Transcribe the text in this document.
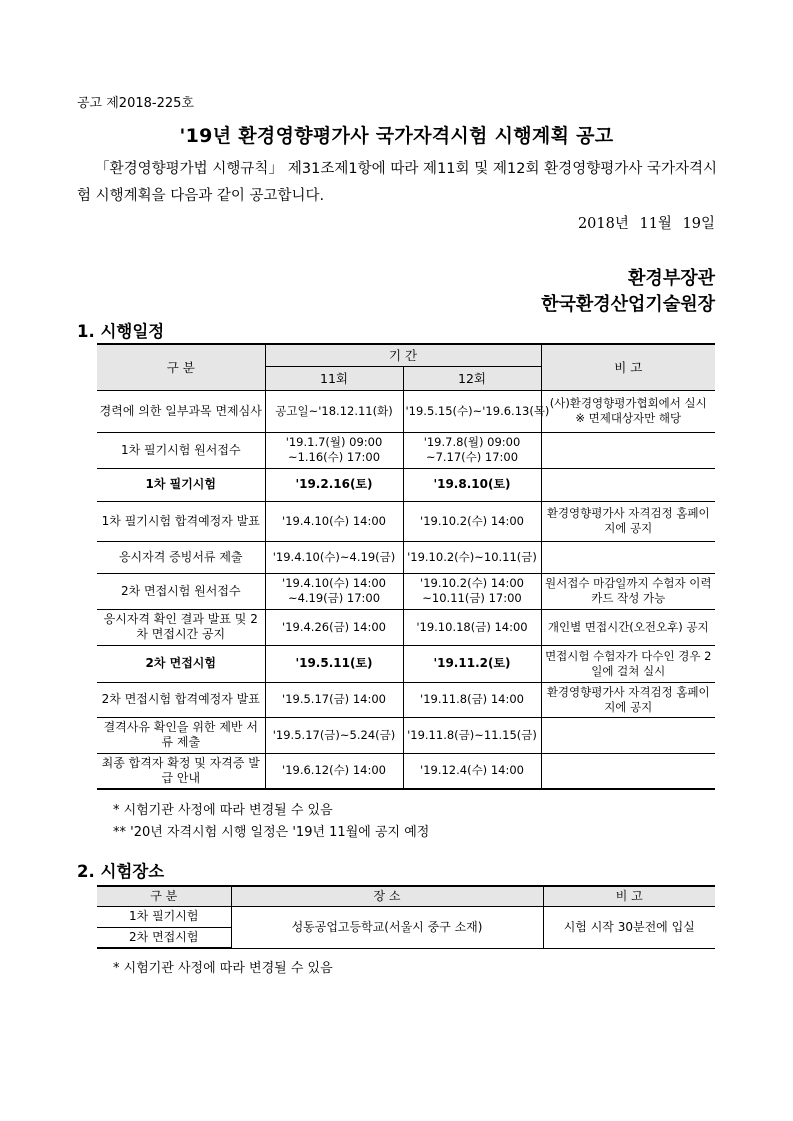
공고 제2018-225호
'19년 환경영향평가사 국가자격시험 시행계획 공고
「환경영향평가법 시행규칙」 제31조제1항에 따라 제11회 및 제12회 환경영향평가사 국가자격시험 시행계획을 다음과 같이 공고합니다.
2018년 11월 19일
환경부장관
한국환경산업기술원장
1. 시행일정
구 분	기 간		비 고
	11회	12회	
경력에 의한 일부과목 면제심사	공고일~'18.12.11(화)	'19.5.15(수)~'19.6.13(목)	(사)환경영향평가협회에서 실시 ※ 면제대상자만 해당
1차 필기시험 원서접수	'19.1.7(월) 09:00 ~1.16(수) 17:00	'19.7.8(월) 09:00 ~7.17(수) 17:00	
1차 필기시험	'19.2.16(토)	'19.8.10(토)	
1차 필기시험 합격예정자 발표	'19.4.10(수) 14:00	'19.10.2(수) 14:00	환경영향평가사 자격검정 홈페이지에 공지
응시자격 증빙서류 제출	'19.4.10(수)~4.19(금)	'19.10.2(수)~10.11(금)	
2차 면접시험 원서접수	'19.4.10(수) 14:00 ~4.19(금) 17:00	'19.10.2(수) 14:00 ~10.11(금) 17:00	원서접수 마감일까지 수험자 이력카드 작성 가능
응시자격 확인 결과 발표 및 2차 면접시간 공지	'19.4.26(금) 14:00	'19.10.18(금) 14:00	개인별 면접시간(오전오후) 공지
2차 면접시험	'19.5.11(토)	'19.11.2(토)	면접시험 수험자가 다수인 경우 2일에 걸쳐 실시
2차 면접시험 합격예정자 발표	'19.5.17(금) 14:00	'19.11.8(금) 14:00	환경영향평가사 자격검정 홈페이지에 공지
결격사유 확인을 위한 제반 서류 제출	'19.5.17(금)~5.24(금)	'19.11.8(금)~11.15(금)	
최종 합격자 확정 및 자격증 발급 안내	'19.6.12(수) 14:00	'19.12.4(수) 14:00	
* 시험기관 사정에 따라 변경될 수 있음
** '20년 자격시험 시행 일정은 '19년 11월에 공지 예정
2. 시험장소
구 분	장 소	비 고
1차 필기시험	성동공업고등학교(서울시 중구 소재)	시험 시작 30분전에 입실
2차 면접시험		
* 시험기관 사정에 따라 변경될 수 있음
